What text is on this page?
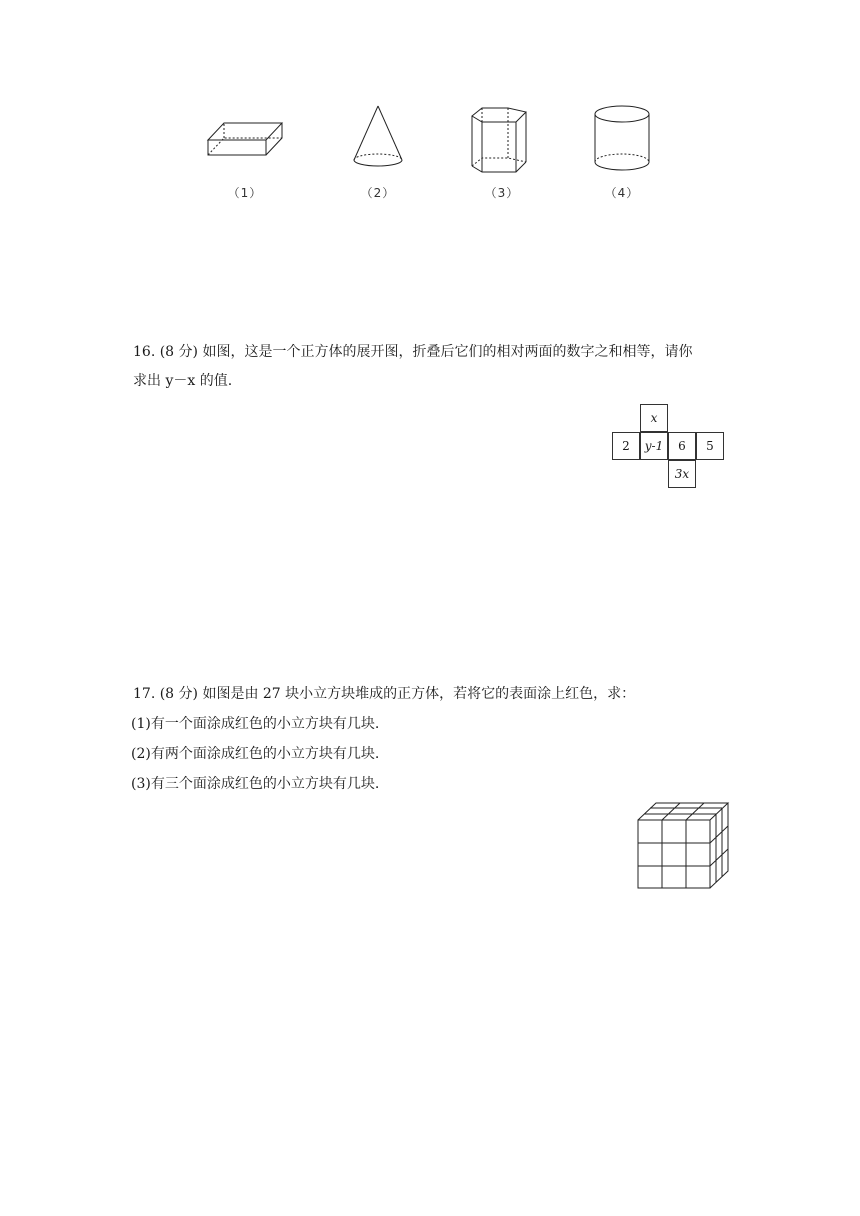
（1）	（2）	（3）	（4）
16. (8 分) 如图，这是一个正方体的展开图，折叠后它们的相对两面的数字之和相等，请你
求出 y－x 的值.
x
2	y-1	6	5
3x
17. (8 分) 如图是由 27 块小立方块堆成的正方体，若将它的表面涂上红色，求：
(1)有一个面涂成红色的小立方块有几块.
(2)有两个面涂成红色的小立方块有几块.
(3)有三个面涂成红色的小立方块有几块.
